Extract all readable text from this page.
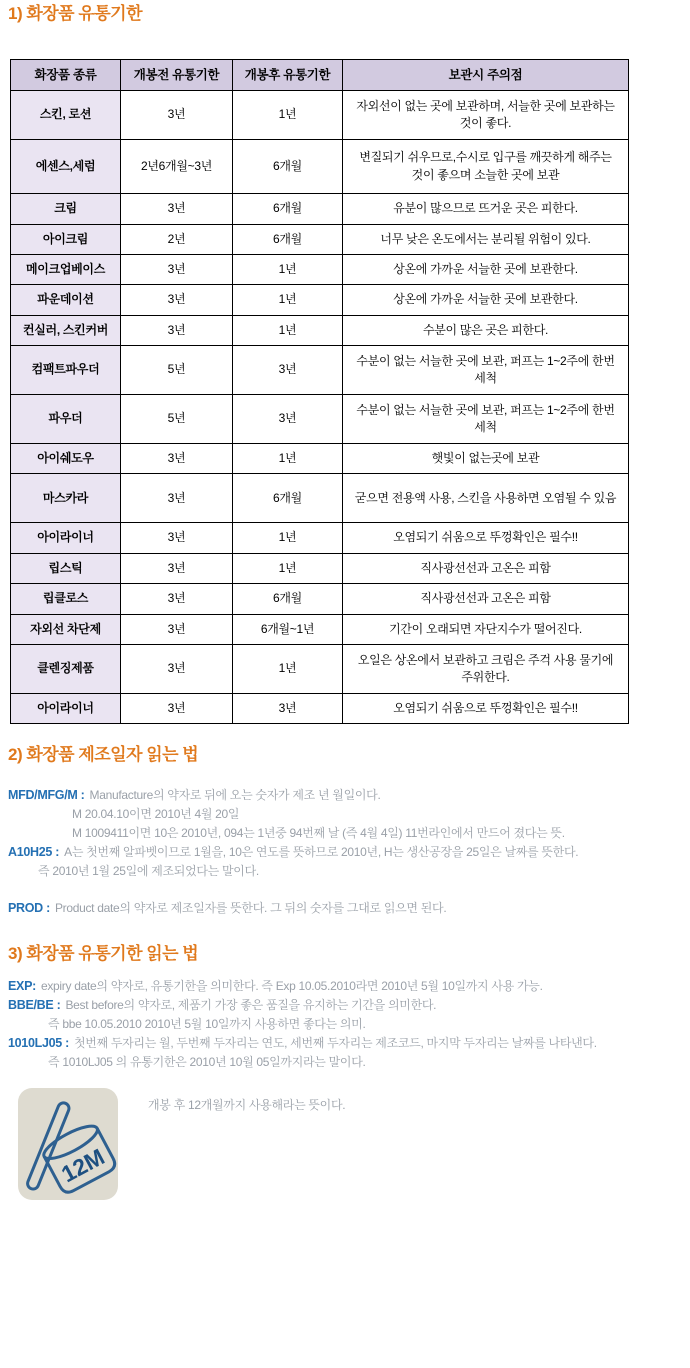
1) 화장품 유통기한
화장품 종류	개봉전 유통기한	개봉후 유통기한	보관시 주의점
스킨, 로션	3년	1년	자외선이 없는 곳에 보관하며, 서늘한 곳에 보관하는 것이 좋다.
에센스,세럼	2년6개월~3년	6개월	변질되기 쉬우므로,수시로 입구를 깨끗하게 해주는 것이 좋으며 소늘한 곳에 보관
크림	3년	6개월	유분이 많으므로 뜨거운 곳은 피한다.
아이크림	2년	6개월	너무 낮은 온도에서는 분리될 위험이 있다.
메이크업베이스	3년	1년	상온에 가까운 서늘한 곳에 보관한다.
파운데이션	3년	1년	상온에 가까운 서늘한 곳에 보관한다.
컨실러, 스킨커버	3년	1년	수분이 많은 곳은 피한다.
컴팩트파우더	5년	3년	수분이 없는 서늘한 곳에 보관, 퍼프는 1~2주에 한번 세척
파우더	5년	3년	수분이 없는 서늘한 곳에 보관, 퍼프는 1~2주에 한번 세척
아이쉐도우	3년	1년	햇빛이 없는곳에 보관
마스카라	3년	6개월	굳으면 전용액 사용, 스킨을 사용하면 오염될 수 있음
아이라이너	3년	1년	오염되기 쉬움으로 뚜껑확인은 필수!!
립스틱	3년	1년	직사광선선과 고온은 피함
립클로스	3년	6개월	직사광선선과 고온은 피함
자외선 차단제	3년	6개월~1년	기간이 오래되면 자단지수가 떨어진다.
클렌징제품	3년	1년	오일은 상온에서 보관하고 크림은 주걱 사용 물기에 주위한다.
아이라이너	3년	3년	오염되기 쉬움으로 뚜껑확인은 필수!!
2) 화장품 제조일자 읽는 법

MFD/MFG/M : Manufacture의 약자로 뒤에 오는 숫자가 제조 년 월일이다.

M 20.04.10이면 2010년 4월 20일

M 1009411이면 10은 2010년, 094는 1년중 94번째 날 (즉 4월 4일) 11번라인에서 만드어 졌다는 뜻.

A10H25 : A는 첫번째 알파벳이므로 1월을, 10은 연도를 뜻하므로 2010년, H는 생산공장을 25일은 날짜를 뜻한다.

즉 2010년 1월 25일에 제조되었다는 말이다.

PROD : Product date의 약자로 제조일자를 뜻한다. 그 뒤의 숫자를 그대로 읽으면 된다.

3) 화장품 유통기한 읽는 법

EXP: expiry date의 약자로, 유통기한을 의미한다. 즉 Exp 10.05.2010라면 2010년 5월 10일까지 사용 가능.

BBE/BE : Best before의 약자로, 제품기 가장 좋은 품질을 유지하는 기간을 의미한다.

즉 bbe 10.05.2010 2010년 5월 10일까지 사용하면 좋다는 의미.

1010LJ05 : 첫번째 두자리는 월, 두번째 두자리는 연도, 세번째 두자리는 제조코드, 마지막 두자리는 날짜를 나타낸다.

즉 1010LJ05 의 유통기한은 2010년 10월 05일까지라는 말이다.

12M

개봉 후 12개월까지 사용해라는 뜻이다.
